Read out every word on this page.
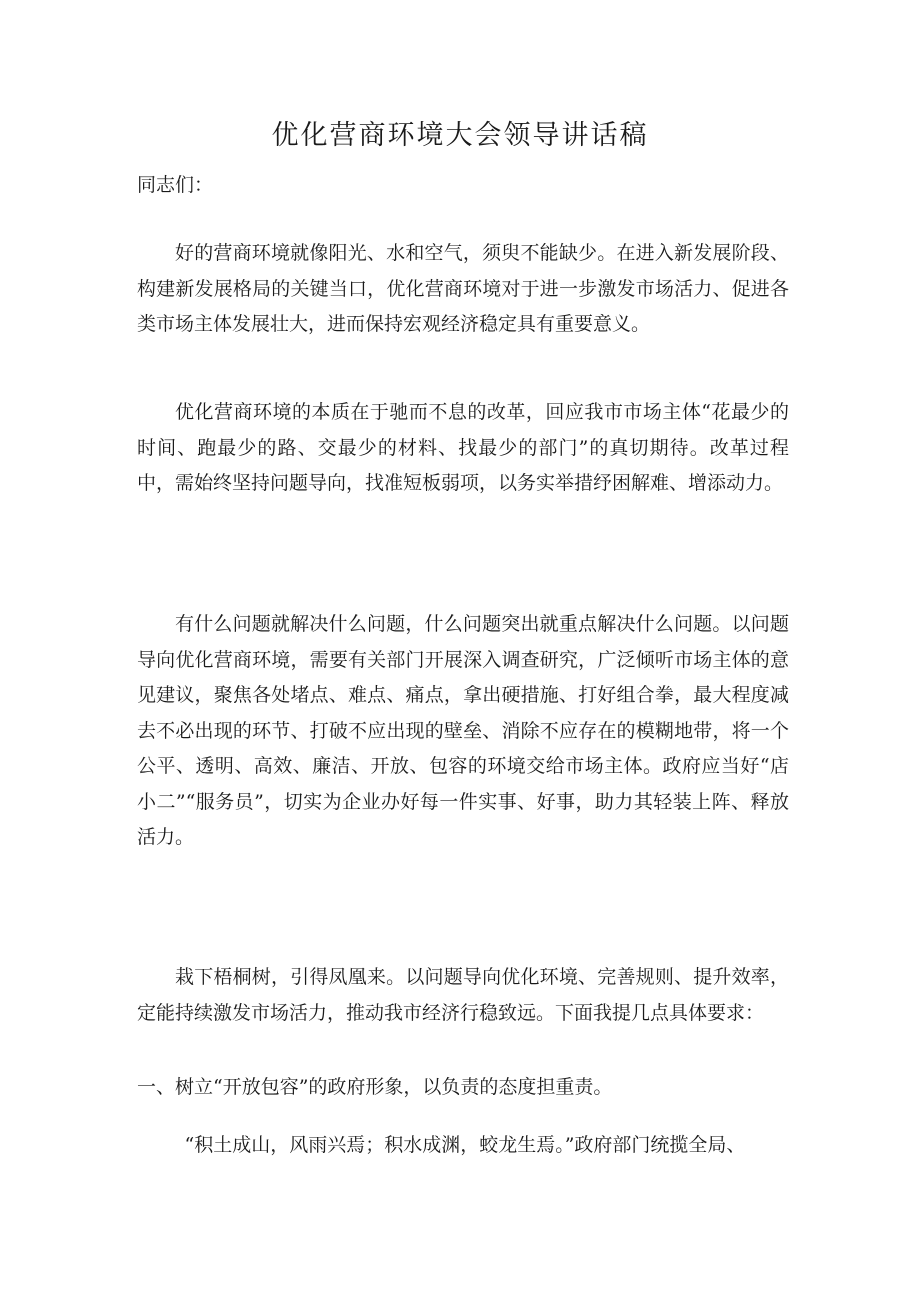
优化营商环境大会领导讲话稿
同志们：

好的营商环境就像阳光、水和空气，须臾不能缺少。在进入新发展阶段、构建新发展格局的关键当口，优化营商环境对于进一步激发市场活力、促进各类市场主体发展壮大，进而保持宏观经济稳定具有重要意义。

优化营商环境的本质在于驰而不息的改革，回应我市市场主体“花最少的时间、跑最少的路、交最少的材料、找最少的部门”的真切期待。改革过程中，需始终坚持问题导向，找准短板弱项，以务实举措纾困解难、增添动力。

有什么问题就解决什么问题，什么问题突出就重点解决什么问题。以问题导向优化营商环境，需要有关部门开展深入调查研究，广泛倾听市场主体的意见建议，聚焦各处堵点、难点、痛点，拿出硬措施、打好组合拳，最大程度减去不必出现的环节、打破不应出现的壁垒、消除不应存在的模糊地带，将一个公平、透明、高效、廉洁、开放、包容的环境交给市场主体。政府应当好“店小二”“服务员”，切实为企业办好每一件实事、好事，助力其轻装上阵、释放活力。

栽下梧桐树，引得凤凰来。以问题导向优化环境、完善规则、提升效率，定能持续激发市场活力，推动我市经济行稳致远。下面我提几点具体要求：

一、树立“开放包容”的政府形象，以负责的态度担重责。
“积土成山，风雨兴焉；积水成渊，蛟龙生焉。”政府部门统揽全局、
